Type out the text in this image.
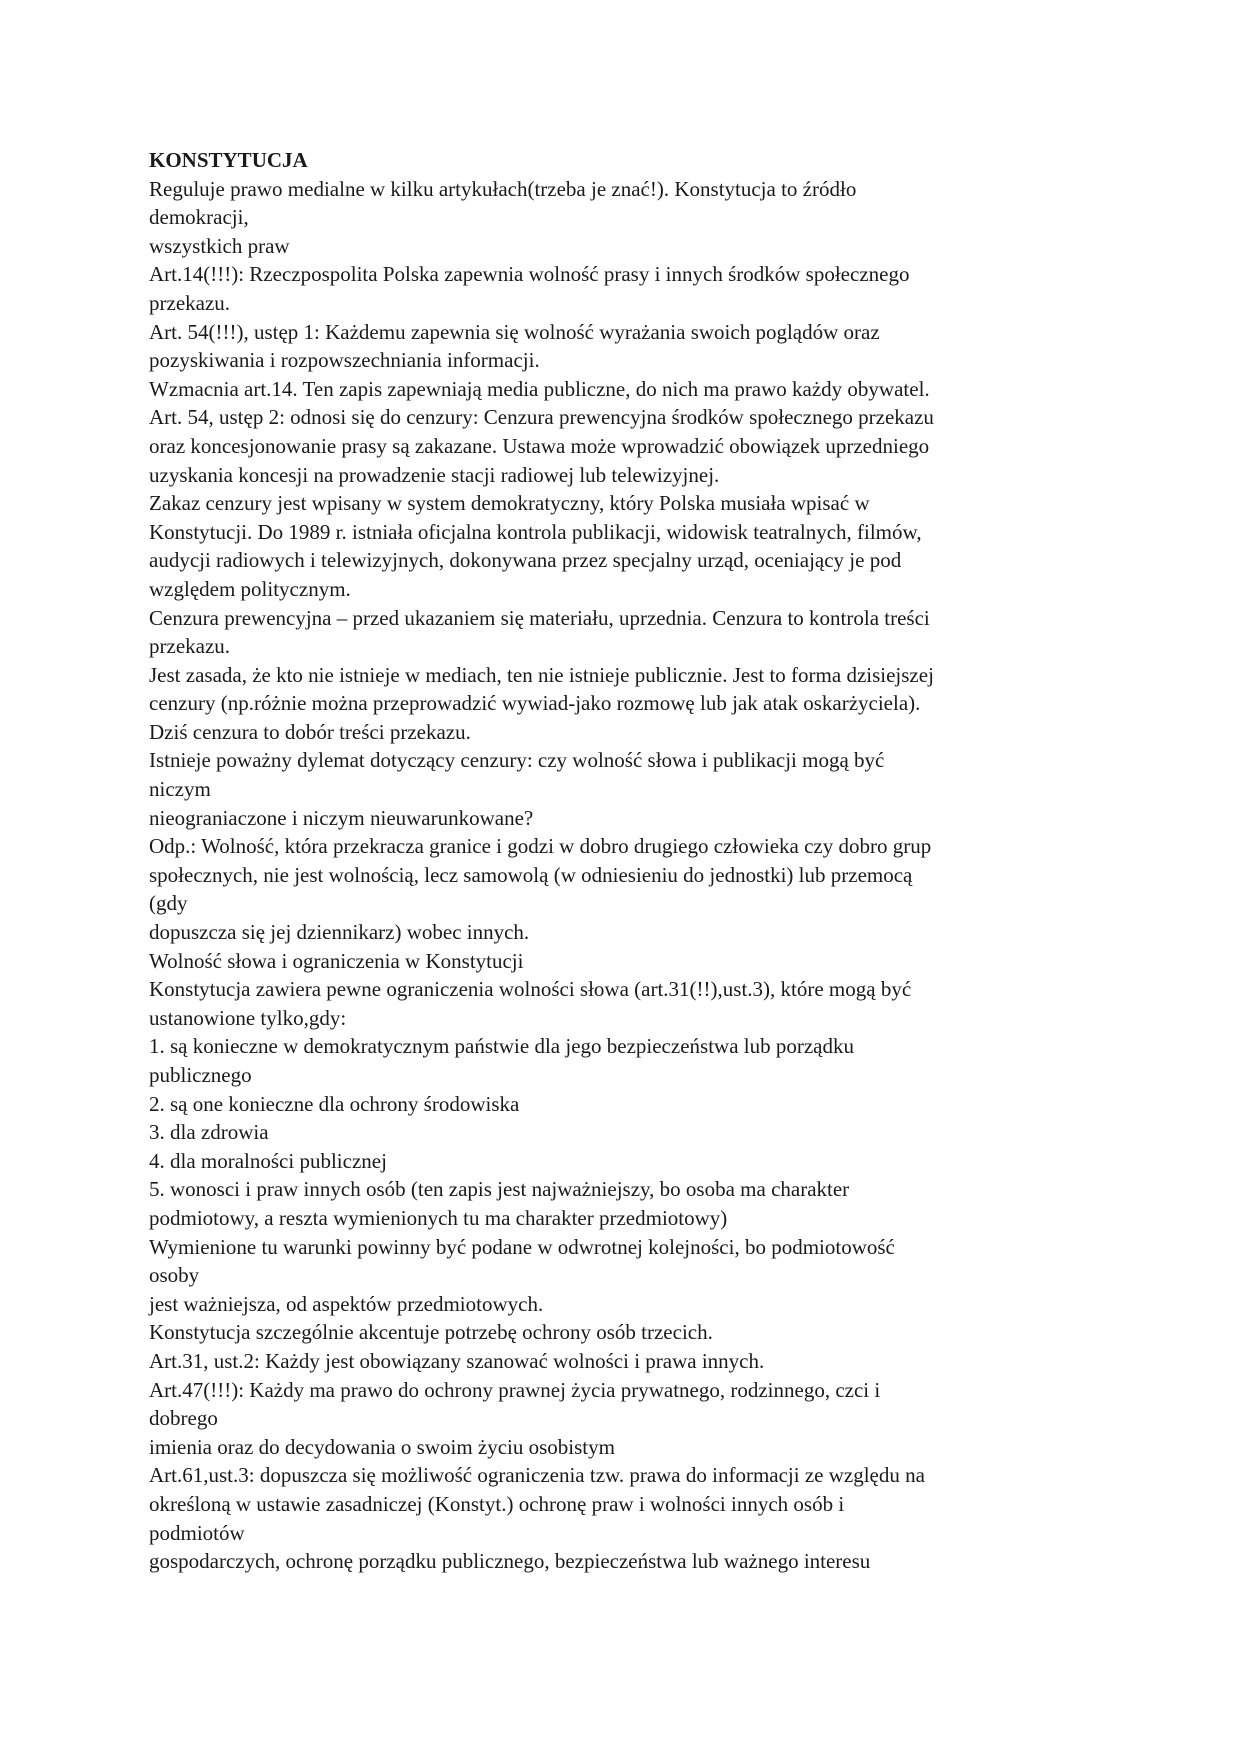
KONSTYTUCJA
Reguluje prawo medialne w kilku artykułach(trzeba je znać!). Konstytucja to źródło
demokracji,
wszystkich praw
Art.14(!!!): Rzeczpospolita Polska zapewnia wolność prasy i innych środków społecznego
przekazu.
Art. 54(!!!), ustęp 1: Każdemu zapewnia się wolność wyrażania swoich poglądów oraz
pozyskiwania i rozpowszechniania informacji.
Wzmacnia art.14. Ten zapis zapewniają media publiczne, do nich ma prawo każdy obywatel.
Art. 54, ustęp 2: odnosi się do cenzury: Cenzura prewencyjna środków społecznego przekazu
oraz koncesjonowanie prasy są zakazane. Ustawa może wprowadzić obowiązek uprzedniego
uzyskania koncesji na prowadzenie stacji radiowej lub telewizyjnej.
Zakaz cenzury jest wpisany w system demokratyczny, który Polska musiała wpisać w
Konstytucji. Do 1989 r. istniała oficjalna kontrola publikacji, widowisk teatralnych, filmów,
audycji radiowych i telewizyjnych, dokonywana przez specjalny urząd, oceniający je pod
względem politycznym.
Cenzura prewencyjna – przed ukazaniem się materiału, uprzednia. Cenzura to kontrola treści
przekazu.
Jest zasada, że kto nie istnieje w mediach, ten nie istnieje publicznie. Jest to forma dzisiejszej
cenzury (np.różnie można przeprowadzić wywiad-jako rozmowę lub jak atak oskarżyciela).
Dziś cenzura to dobór treści przekazu.
Istnieje poważny dylemat dotyczący cenzury: czy wolność słowa i publikacji mogą być
niczym
nieograniaczone i niczym nieuwarunkowane?
Odp.: Wolność, która przekracza granice i godzi w dobro drugiego człowieka czy dobro grup
społecznych, nie jest wolnością, lecz samowolą (w odniesieniu do jednostki) lub przemocą
(gdy
dopuszcza się jej dziennikarz) wobec innych.
Wolność słowa i ograniczenia w Konstytucji
Konstytucja zawiera pewne ograniczenia wolności słowa (art.31(!!),ust.3), które mogą być
ustanowione tylko,gdy:
1. są konieczne w demokratycznym państwie dla jego bezpieczeństwa lub porządku
publicznego
2. są one konieczne dla ochrony środowiska
3. dla zdrowia
4. dla moralności publicznej
5. wonosci i praw innych osób (ten zapis jest najważniejszy, bo osoba ma charakter
podmiotowy, a reszta wymienionych tu ma charakter przedmiotowy)
Wymienione tu warunki powinny być podane w odwrotnej kolejności, bo podmiotowość
osoby
jest ważniejsza, od aspektów przedmiotowych.
Konstytucja szczególnie akcentuje potrzebę ochrony osób trzecich.
Art.31, ust.2: Każdy jest obowiązany szanować wolności i prawa innych.
Art.47(!!!): Każdy ma prawo do ochrony prawnej życia prywatnego, rodzinnego, czci i
dobrego
imienia oraz do decydowania o swoim życiu osobistym
Art.61,ust.3: dopuszcza się możliwość ograniczenia tzw. prawa do informacji ze względu na
określoną w ustawie zasadniczej (Konstyt.) ochronę praw i wolności innych osób i
podmiotów
gospodarczych, ochronę porządku publicznego, bezpieczeństwa lub ważnego interesu
